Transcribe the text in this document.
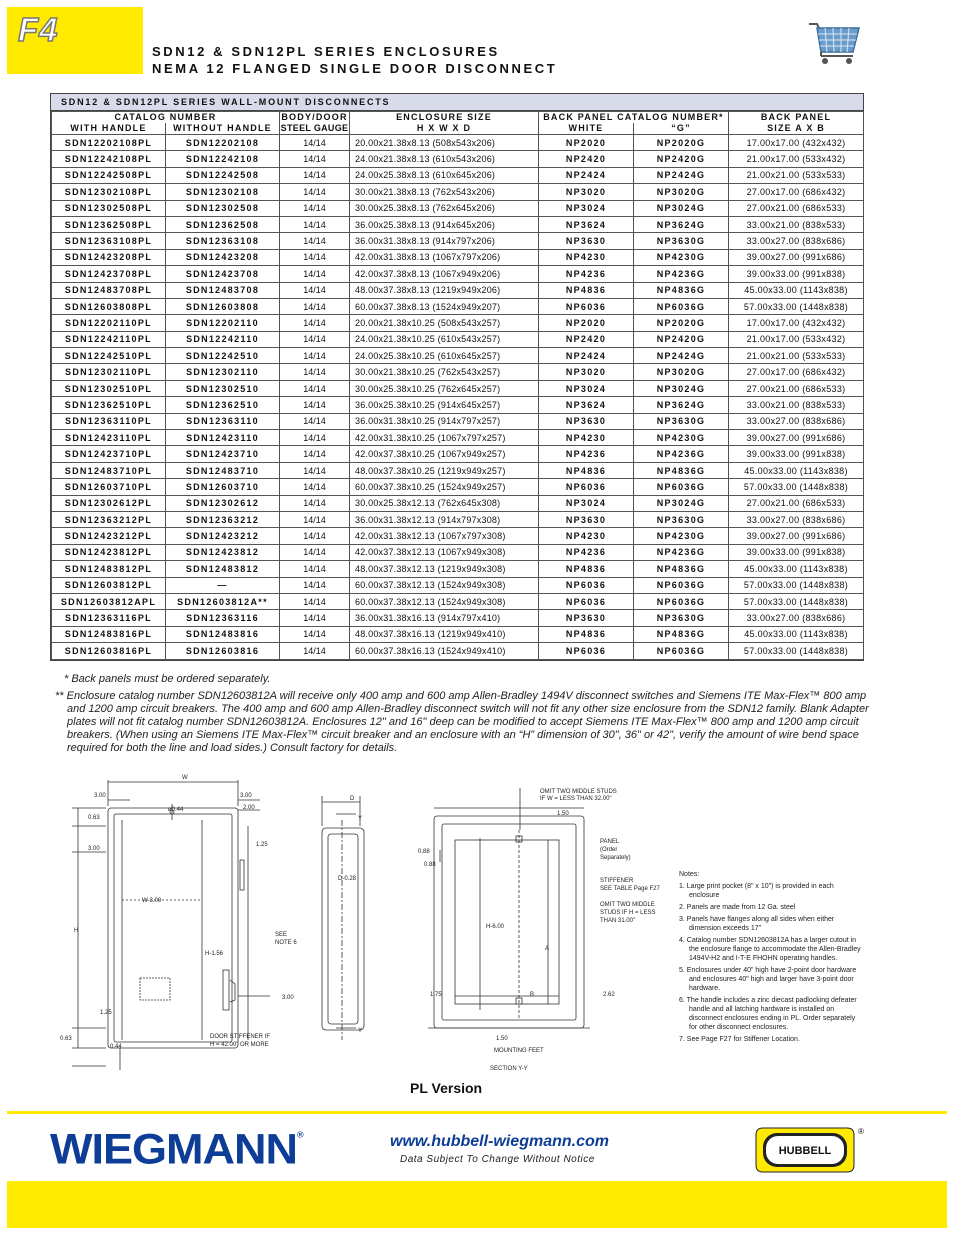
F4
SDN12 & SDN12PL SERIES ENCLOSURES
NEMA 12 FLANGED SINGLE DOOR DISCONNECT
SDN12 & SDN12PL SERIES WALL-MOUNT DISCONNECTS
CATALOG NUMBER		BODY/DOOR	ENCLOSURE SIZE	BACK PANEL CATALOG NUMBER*		BACK PANEL
WITH HANDLE	WITHOUT HANDLE	STEEL GAUGE	H X W X D	WHITE	“G”	SIZE A X B
SDN12202108PL	SDN12202108	14/14	20.00x21.38x8.13 (508x543x206)	NP2020	NP2020G	17.00x17.00 (432x432)
SDN12242108PL	SDN12242108	14/14	24.00x21.38x8.13 (610x543x206)	NP2420	NP2420G	21.00x17.00 (533x432)
SDN12242508PL	SDN12242508	14/14	24.00x25.38x8.13 (610x645x206)	NP2424	NP2424G	21.00x21.00 (533x533)
SDN12302108PL	SDN12302108	14/14	30.00x21.38x8.13 (762x543x206)	NP3020	NP3020G	27.00x17.00 (686x432)
SDN12302508PL	SDN12302508	14/14	30.00x25.38x8.13 (762x645x206)	NP3024	NP3024G	27.00x21.00 (686x533)
SDN12362508PL	SDN12362508	14/14	36.00x25.38x8.13 (914x645x206)	NP3624	NP3624G	33.00x21.00 (838x533)
SDN12363108PL	SDN12363108	14/14	36.00x31.38x8.13 (914x797x206)	NP3630	NP3630G	33.00x27.00 (838x686)
SDN12423208PL	SDN12423208	14/14	42.00x31.38x8.13 (1067x797x206)	NP4230	NP4230G	39.00x27.00 (991x686)
SDN12423708PL	SDN12423708	14/14	42.00x37.38x8.13 (1067x949x206)	NP4236	NP4236G	39.00x33.00 (991x838)
SDN12483708PL	SDN12483708	14/14	48.00x37.38x8.13 (1219x949x206)	NP4836	NP4836G	45.00x33.00 (1143x838)
SDN12603808PL	SDN12603808	14/14	60.00x37.38x8.13 (1524x949x207)	NP6036	NP6036G	57.00x33.00 (1448x838)
SDN12202110PL	SDN12202110	14/14	20.00x21.38x10.25 (508x543x257)	NP2020	NP2020G	17.00x17.00 (432x432)
SDN12242110PL	SDN12242110	14/14	24.00x21.38x10.25 (610x543x257)	NP2420	NP2420G	21.00x17.00 (533x432)
SDN12242510PL	SDN12242510	14/14	24.00x25.38x10.25 (610x645x257)	NP2424	NP2424G	21.00x21.00 (533x533)
SDN12302110PL	SDN12302110	14/14	30.00x21.38x10.25 (762x543x257)	NP3020	NP3020G	27.00x17.00 (686x432)
SDN12302510PL	SDN12302510	14/14	30.00x25.38x10.25 (762x645x257)	NP3024	NP3024G	27.00x21.00 (686x533)
SDN12362510PL	SDN12362510	14/14	36.00x25.38x10.25 (914x645x257)	NP3624	NP3624G	33.00x21.00 (838x533)
SDN12363110PL	SDN12363110	14/14	36.00x31.38x10.25 (914x797x257)	NP3630	NP3630G	33.00x27.00 (838x686)
SDN12423110PL	SDN12423110	14/14	42.00x31.38x10.25 (1067x797x257)	NP4230	NP4230G	39.00x27.00 (991x686)
SDN12423710PL	SDN12423710	14/14	42.00x37.38x10.25 (1067x949x257)	NP4236	NP4236G	39.00x33.00 (991x838)
SDN12483710PL	SDN12483710	14/14	48.00x37.38x10.25 (1219x949x257)	NP4836	NP4836G	45.00x33.00 (1143x838)
SDN12603710PL	SDN12603710	14/14	60.00x37.38x10.25 (1524x949x257)	NP6036	NP6036G	57.00x33.00 (1448x838)
SDN12302612PL	SDN12302612	14/14	30.00x25.38x12.13 (762x645x308)	NP3024	NP3024G	27.00x21.00 (686x533)
SDN12363212PL	SDN12363212	14/14	36.00x31.38x12.13 (914x797x308)	NP3630	NP3630G	33.00x27.00 (838x686)
SDN12423212PL	SDN12423212	14/14	42.00x31.38x12.13 (1067x797x308)	NP4230	NP4230G	39.00x27.00 (991x686)
SDN12423812PL	SDN12423812	14/14	42.00x37.38x12.13 (1067x949x308)	NP4236	NP4236G	39.00x33.00 (991x838)
SDN12483812PL	SDN12483812	14/14	48.00x37.38x12.13 (1219x949x308)	NP4836	NP4836G	45.00x33.00 (1143x838)
SDN12603812PL	—	14/14	60.00x37.38x12.13 (1524x949x308)	NP6036	NP6036G	57.00x33.00 (1448x838)
SDN12603812APL	SDN12603812A**	14/14	60.00x37.38x12.13 (1524x949x308)	NP6036	NP6036G	57.00x33.00 (1448x838)
SDN12363116PL	SDN12363116	14/14	36.00x31.38x16.13 (914x797x410)	NP3630	NP3630G	33.00x27.00 (838x686)
SDN12483816PL	SDN12483816	14/14	48.00x37.38x16.13 (1219x949x410)	NP4836	NP4836G	45.00x33.00 (1143x838)
SDN12603816PL	SDN12603816	14/14	60.00x37.38x16.13 (1524x949x410)	NP6036	NP6036G	57.00x33.00 (1448x838)
* Back panels must be ordered separately.
** Enclosure catalog number SDN12603812A will receive only 400 amp and 600 amp Allen-Bradley 1494V disconnect switches and Siemens ITE Max-Flex™ 800 amp and 1200 amp circuit breakers. The 400 amp and 600 amp Allen-Bradley disconnect switch will not fit any other size enclosure from the SDN12 family. Blank Adapter plates will not fit catalog number SDN12603812A. Enclosures 12" and 16" deep can be modified to accept Siemens ITE Max-Flex™ 800 amp and 1200 amp circuit breakers. (When using an Siemens ITE Max-Flex™ circuit breaker and an enclosure with an “H” dimension of 30", 36" or 42", verify the amount of wire bend space required for both the line and load sides.) Consult factory for details.
W
3.00	3.00
2.00
ø0.44
0.63
3.00
1.25
W-3.00
H
H-1.56
SEE
NOTE 6
3.00
1.25
0.63
0.44
DOOR STIFFENER IF
H = 42.00" OR MORE
D
Y
D-0.28
Y
OMIT TWO MIDDLE STUDS
IF W = LESS THAN 32.00"
1.50
0.88
0.88
PANEL
(Order
Separately)
STIFFENER
SEE TABLE Page F27
OMIT TWO MIDDLE
STUDS IF H = LESS
THAN 31.00"
H-6.00
A
B
1.75	2.62
1.50
MOUNTING FEET
SECTION Y-Y
Notes:
1. Large print pocket (8" x 10") is provided in each enclosure
2. Panels are made from 12 Ga. steel
3. Panels have flanges along all sides when either dimension exceeds 17"
4. Catalog number SDN12603812A has a larger cutout in the enclosure flange to accommodate the Allen-Bradley 1494V-H2 and I-T-E FHOHN operating handles.
5. Enclosures under 40" high have 2-point door hardware and enclosures 40" high and larger have 3-point door hardware.
6. The handle includes a zinc diecast padlocking defeater handle and all latching hardware is installed on disconnect enclosures ending in PL. Order separately for other disconnect enclosures.
7. See Page F27 for Stiffener Location.
PL Version
WIEGMANN®	www.hubbell-wiegmann.com
Data Subject To Change Without Notice
HUBBELL
®
